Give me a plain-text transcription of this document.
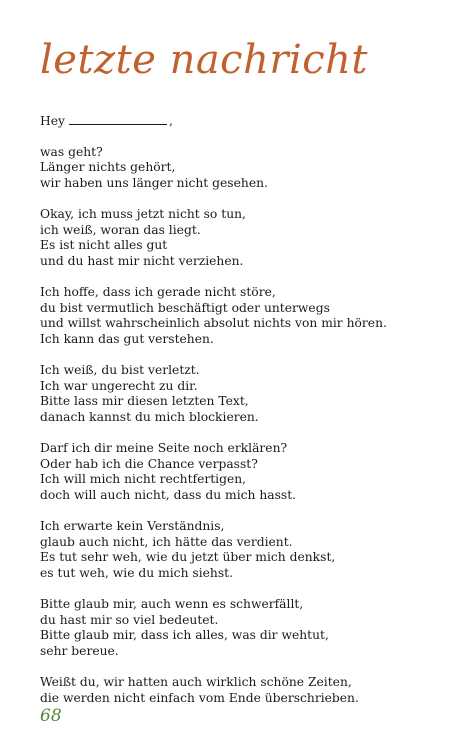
letzte nachricht
Hey	,
was geht?
Länger nichts gehört,
wir haben uns länger nicht gesehen.
Okay, ich muss jetzt nicht so tun,
ich weiß, woran das liegt.
Es ist nicht alles gut
und du hast mir nicht verziehen.
Ich hoffe, dass ich gerade nicht störe,
du bist vermutlich beschäftigt oder unterwegs
und willst wahrscheinlich absolut nichts von mir hören.
Ich kann das gut verstehen.
Ich weiß, du bist verletzt.
Ich war ungerecht zu dir.
Bitte lass mir diesen letzten Text,
danach kannst du mich blockieren.
Darf ich dir meine Seite noch erklären?
Oder hab ich die Chance verpasst?
Ich will mich nicht rechtfertigen,
doch will auch nicht, dass du mich hasst.
Ich erwarte kein Verständnis,
glaub auch nicht, ich hätte das verdient.
Es tut sehr weh, wie du jetzt über mich denkst,
es tut weh, wie du mich siehst.
Bitte glaub mir, auch wenn es schwerfällt,
du hast mir so viel bedeutet.
Bitte glaub mir, dass ich alles, was dir wehtut,
sehr bereue.
Weißt du, wir hatten auch wirklich schöne Zeiten,
die werden nicht einfach vom Ende überschrieben.
68
